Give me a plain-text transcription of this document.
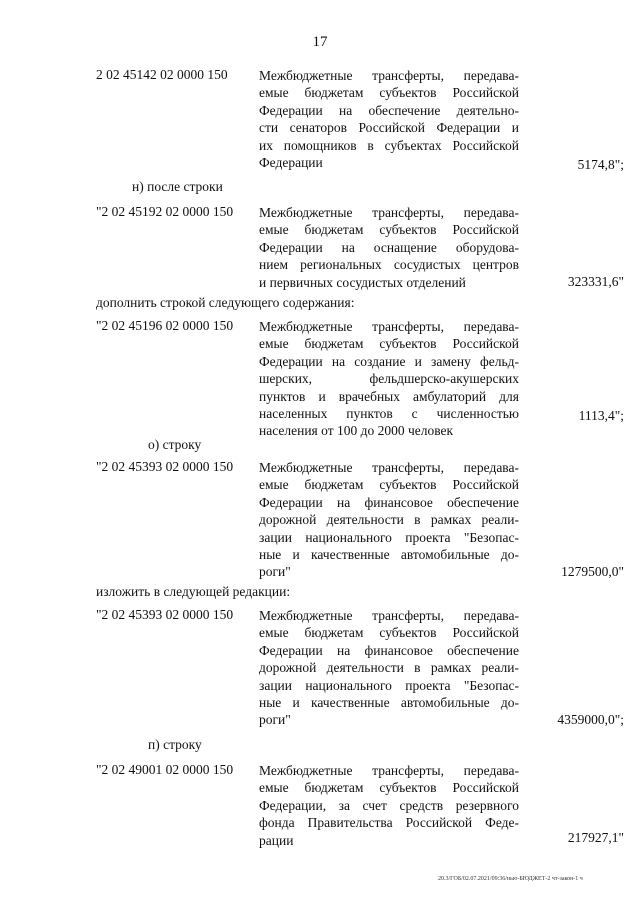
17
2 02 45142 02 0000 150 Межбюджетные трансферты, передава-
емые бюджетам субъектов Российской
Федерации на обеспечение деятельно-
сти сенаторов Российской Федерации и
их помощников в субъектах Российской
Федерации	5174,8";
н) после строки
"2 02 45192 02 0000 150 Межбюджетные трансферты, передава-
емые бюджетам субъектов Российской
Федерации на оснащение оборудова-
нием региональных сосудистых центров
и первичных сосудистых отделений	323331,6"
дополнить строкой следующего содержания:
"2 02 45196 02 0000 150 Межбюджетные трансферты, передава-
емые бюджетам субъектов Российской
Федерации на создание и замену фельд-
шерских, фельдшерско-акушерских
пунктов и врачебных амбулаторий для
населенных пунктов с численностью
населения от 100 до 2000 человек
1113,4";
о) строку
"2 02 45393 02 0000 150 Межбюджетные трансферты, передава-
емые бюджетам субъектов Российской
Федерации на финансовое обеспечение
дорожной деятельности в рамках реали-
зации национального проекта "Безопас-
ные и качественные автомобильные до-
роги"	1279500,0"
изложить в следующей редакции:
"2 02 45393 02 0000 150 Межбюджетные трансферты, передава-
емые бюджетам субъектов Российской
Федерации на финансовое обеспечение
дорожной деятельности в рамках реали-
зации национального проекта "Безопас-
ные и качественные автомобильные до-
роги"	4359000,0";
п) строку
"2 02 49001 02 0000 150 Межбюджетные трансферты, передава-
емые бюджетам субъектов Российской
Федерации, за счет средств резервного
фонда Правительства Российской Феде-
рации	217927,1"
20.3/ГОБ/02.07.2021/09:36/нью-БЮДЖЕТ-2 чт-закон-1 ч
